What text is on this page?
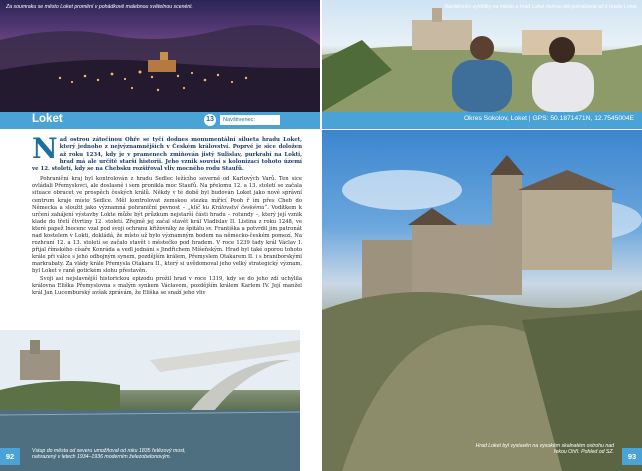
Za soumraku se město Loket promění v pohádkově malebnou světelnou scenérii.	Návštěvníci vyhlídky na město a hrad Loket mohou dál pokračovat až k hradu Loket.
Loket	13	Navštivenec:	Okres Sokolov, Loket | GPS: 50.1871471N, 12.7545004E

Nad ostrou zátočinou Ohře se tyčí dodnes monumentální silueta hradu Loket, který jednoho z nejvýznamnějších v Českém království. Poprvé je sice doložen až roku 1234, kdy je v pramenech zmiňován jistý Sulislav, purkrabí na Lokti, hrad má ale určitě starší historii. Jeho vznik souvisí s kolonizací tohoto území ve 12. století, kdy se na Chebsku rozšiřoval vliv mocného rodu Staufů.

Pohraniční kraj byl kontrolován z hradu Sedlec ležícího severně od Karlových Varů. Ten sice ovládali Přemyslovci, ale doslasně i sem pronikla moc Staufů. Na přelomu 12. a 13. století se začala situace obracet ve prospěch českých králů. Někdy v té době byl budován Loket jako nové správní centrum kraje místo Sedlce. Měl kontrolovat zemskou stezku mířící Pooh ř ím přes Cheb do Německa a sloužit jako významná pohraniční pevnost – „klíč ku Království českému“. Vodítkem k určení zahájení výstavby Lokte může být průzkum nejstarší části hradu – rotundy –, který její vznik klade do třetí čtvrtiny 12. století. Zřejmě jej začal stavět král Vladislav II. Listina z roku 1248, ve které papež Inocenc vzal pod svoji ochranu křižovníky ze špitálu sv. Františka a potvrdil jim patronát nad kostelem v Lokti, dokládá, že místo už bylo významným bodem na německo-českém pomezí. Na rozhraní 12. a 13. století se začalo stavět i městečko pod hradem. V roce 1239 tady král Václav I. přijal římského císaře Konráda a vedl jednání s Jindřichem Míšeňským. Hrad byl také oporou tohoto krále při válce s jeho odbojným synem, pozdějším králem, Přemyslem Otakarem II. i s braniborskými markrabaty. Za vlády krále Přemysla Otakara II., který si uvědomoval jeho velký strategický význam, byl Loket v raně gotickém slohu přestavěn.

Svoji asi nejslavnější historickou epizodu prožil hrad v roce 1319, kdy se do jeho zdí uchýlila královna Eliška Přemyslovna s malým synkem Václavem, pozdějším králem Karlem IV. Její manžel král Jan Lucemburský avšak zprávám, že Eliška se snaží jeho vliv

Vstup do města od severu umožňoval od roku 1835 řetězový most, nahrazený v letech 1934–1936 moderním železobetonovým.
Hrad Loket byl vystavěn na vysokém skalnatém ostrohu nad řekou Ohří. Pohled od SZ.
92	93
